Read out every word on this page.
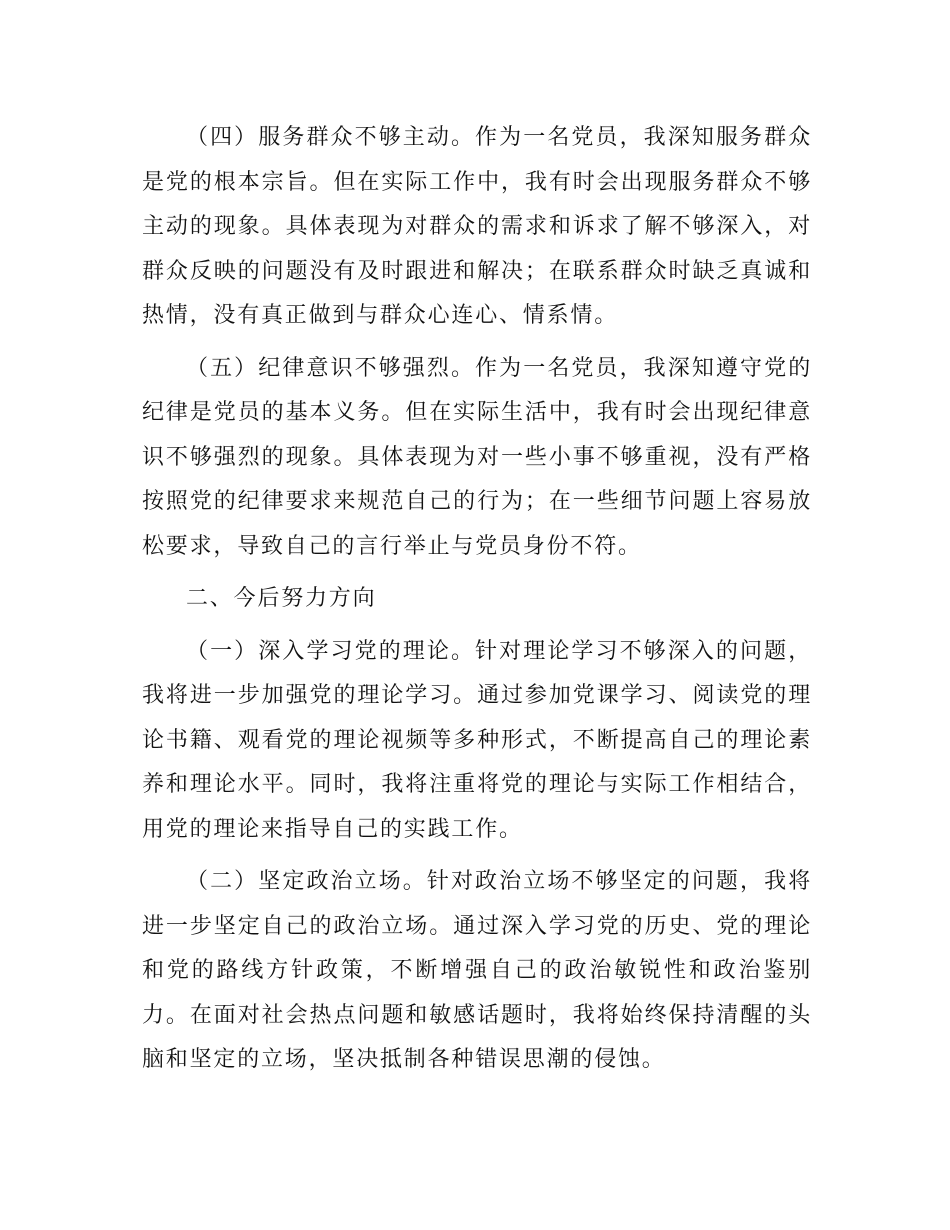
（四）服务群众不够主动。作为一名党员，我深知服务群众是党的根本宗旨。但在实际工作中，我有时会出现服务群众不够主动的现象。具体表现为对群众的需求和诉求了解不够深入，对群众反映的问题没有及时跟进和解决；在联系群众时缺乏真诚和热情，没有真正做到与群众心连心、情系情。

（五）纪律意识不够强烈。作为一名党员，我深知遵守党的纪律是党员的基本义务。但在实际生活中，我有时会出现纪律意识不够强烈的现象。具体表现为对一些小事不够重视，没有严格按照党的纪律要求来规范自己的行为；在一些细节问题上容易放松要求，导致自己的言行举止与党员身份不符。

二、今后努力方向

（一）深入学习党的理论。针对理论学习不够深入的问题，我将进一步加强党的理论学习。通过参加党课学习、阅读党的理论书籍、观看党的理论视频等多种形式，不断提高自己的理论素养和理论水平。同时，我将注重将党的理论与实际工作相结合，用党的理论来指导自己的实践工作。

（二）坚定政治立场。针对政治立场不够坚定的问题，我将进一步坚定自己的政治立场。通过深入学习党的历史、党的理论和党的路线方针政策，不断增强自己的政治敏锐性和政治鉴别力。在面对社会热点问题和敏感话题时，我将始终保持清醒的头脑和坚定的立场，坚决抵制各种错误思潮的侵蚀。
